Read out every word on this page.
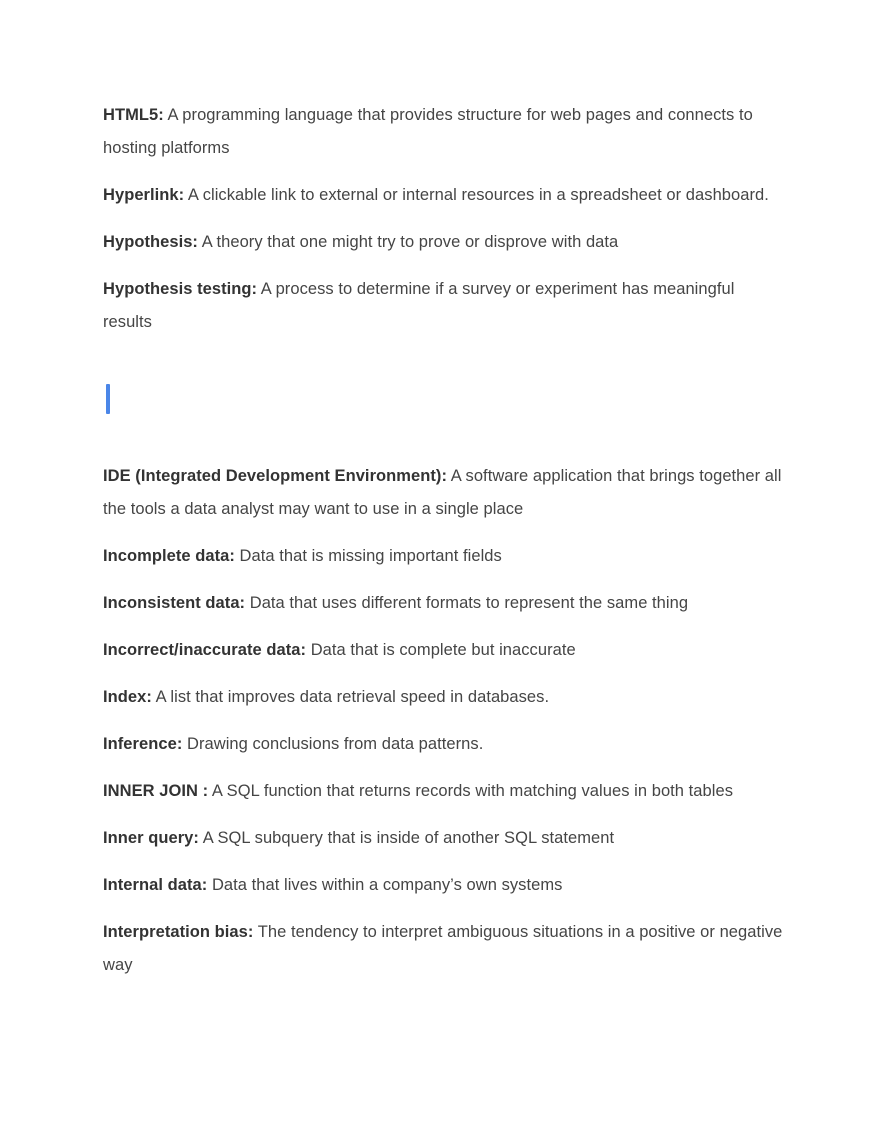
HTML5: A programming language that provides structure for web pages and connects to hosting platforms

Hyperlink: A clickable link to external or internal resources in a spreadsheet or dashboard.

Hypothesis: A theory that one might try to prove or disprove with data

Hypothesis testing: A process to determine if a survey or experiment has meaningful results

IDE (Integrated Development Environment): A software application that brings together all the tools a data analyst may want to use in a single place

Incomplete data: Data that is missing important fields

Inconsistent data: Data that uses different formats to represent the same thing

Incorrect/inaccurate data: Data that is complete but inaccurate

Index: A list that improves data retrieval speed in databases.

Inference: Drawing conclusions from data patterns.

INNER JOIN : A SQL function that returns records with matching values in both tables

Inner query: A SQL subquery that is inside of another SQL statement

Internal data: Data that lives within a company’s own systems

Interpretation bias: The tendency to interpret ambiguous situations in a positive or negative way
